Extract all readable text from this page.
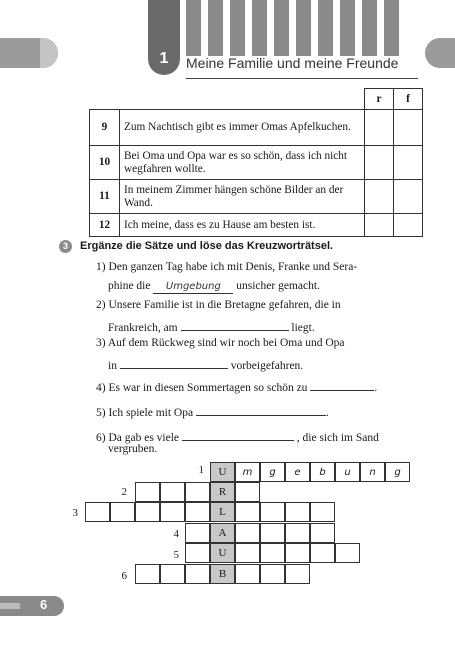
1	Meine Familie und meine Freunde
		r	f
9	Zum Nachtisch gibt es immer Omas Apfelkuchen.		
10	Bei Oma und Opa war es so schön, dass ich nicht wegfahren wollte.		
11	In meinem Zimmer hängen schöne Bilder an der Wand.		
12	Ich meine, dass es zu Hause am besten ist.		
3	Ergänze die Sätze und löse das Kreuzworträtsel.
1) Den ganzen Tag habe ich mit Denis, Franke und Sera-
phine die Umgebung unsicher gemacht.
2) Unsere Familie ist in die Bretagne gefahren, die in
Frankreich, am	liegt.
3) Auf dem Rückweg sind wir noch bei Oma und Opa
in	vorbeigefahren.
4) Es war in diesen Sommertagen so schön zu	.
5) Ich spiele mit Opa	.
6) Da gab es viele	, die sich im Sand
vergruben.
1
2
3
4
5
6
U	m	g	e	b	u	n	g
R
L
A
U
B
6
